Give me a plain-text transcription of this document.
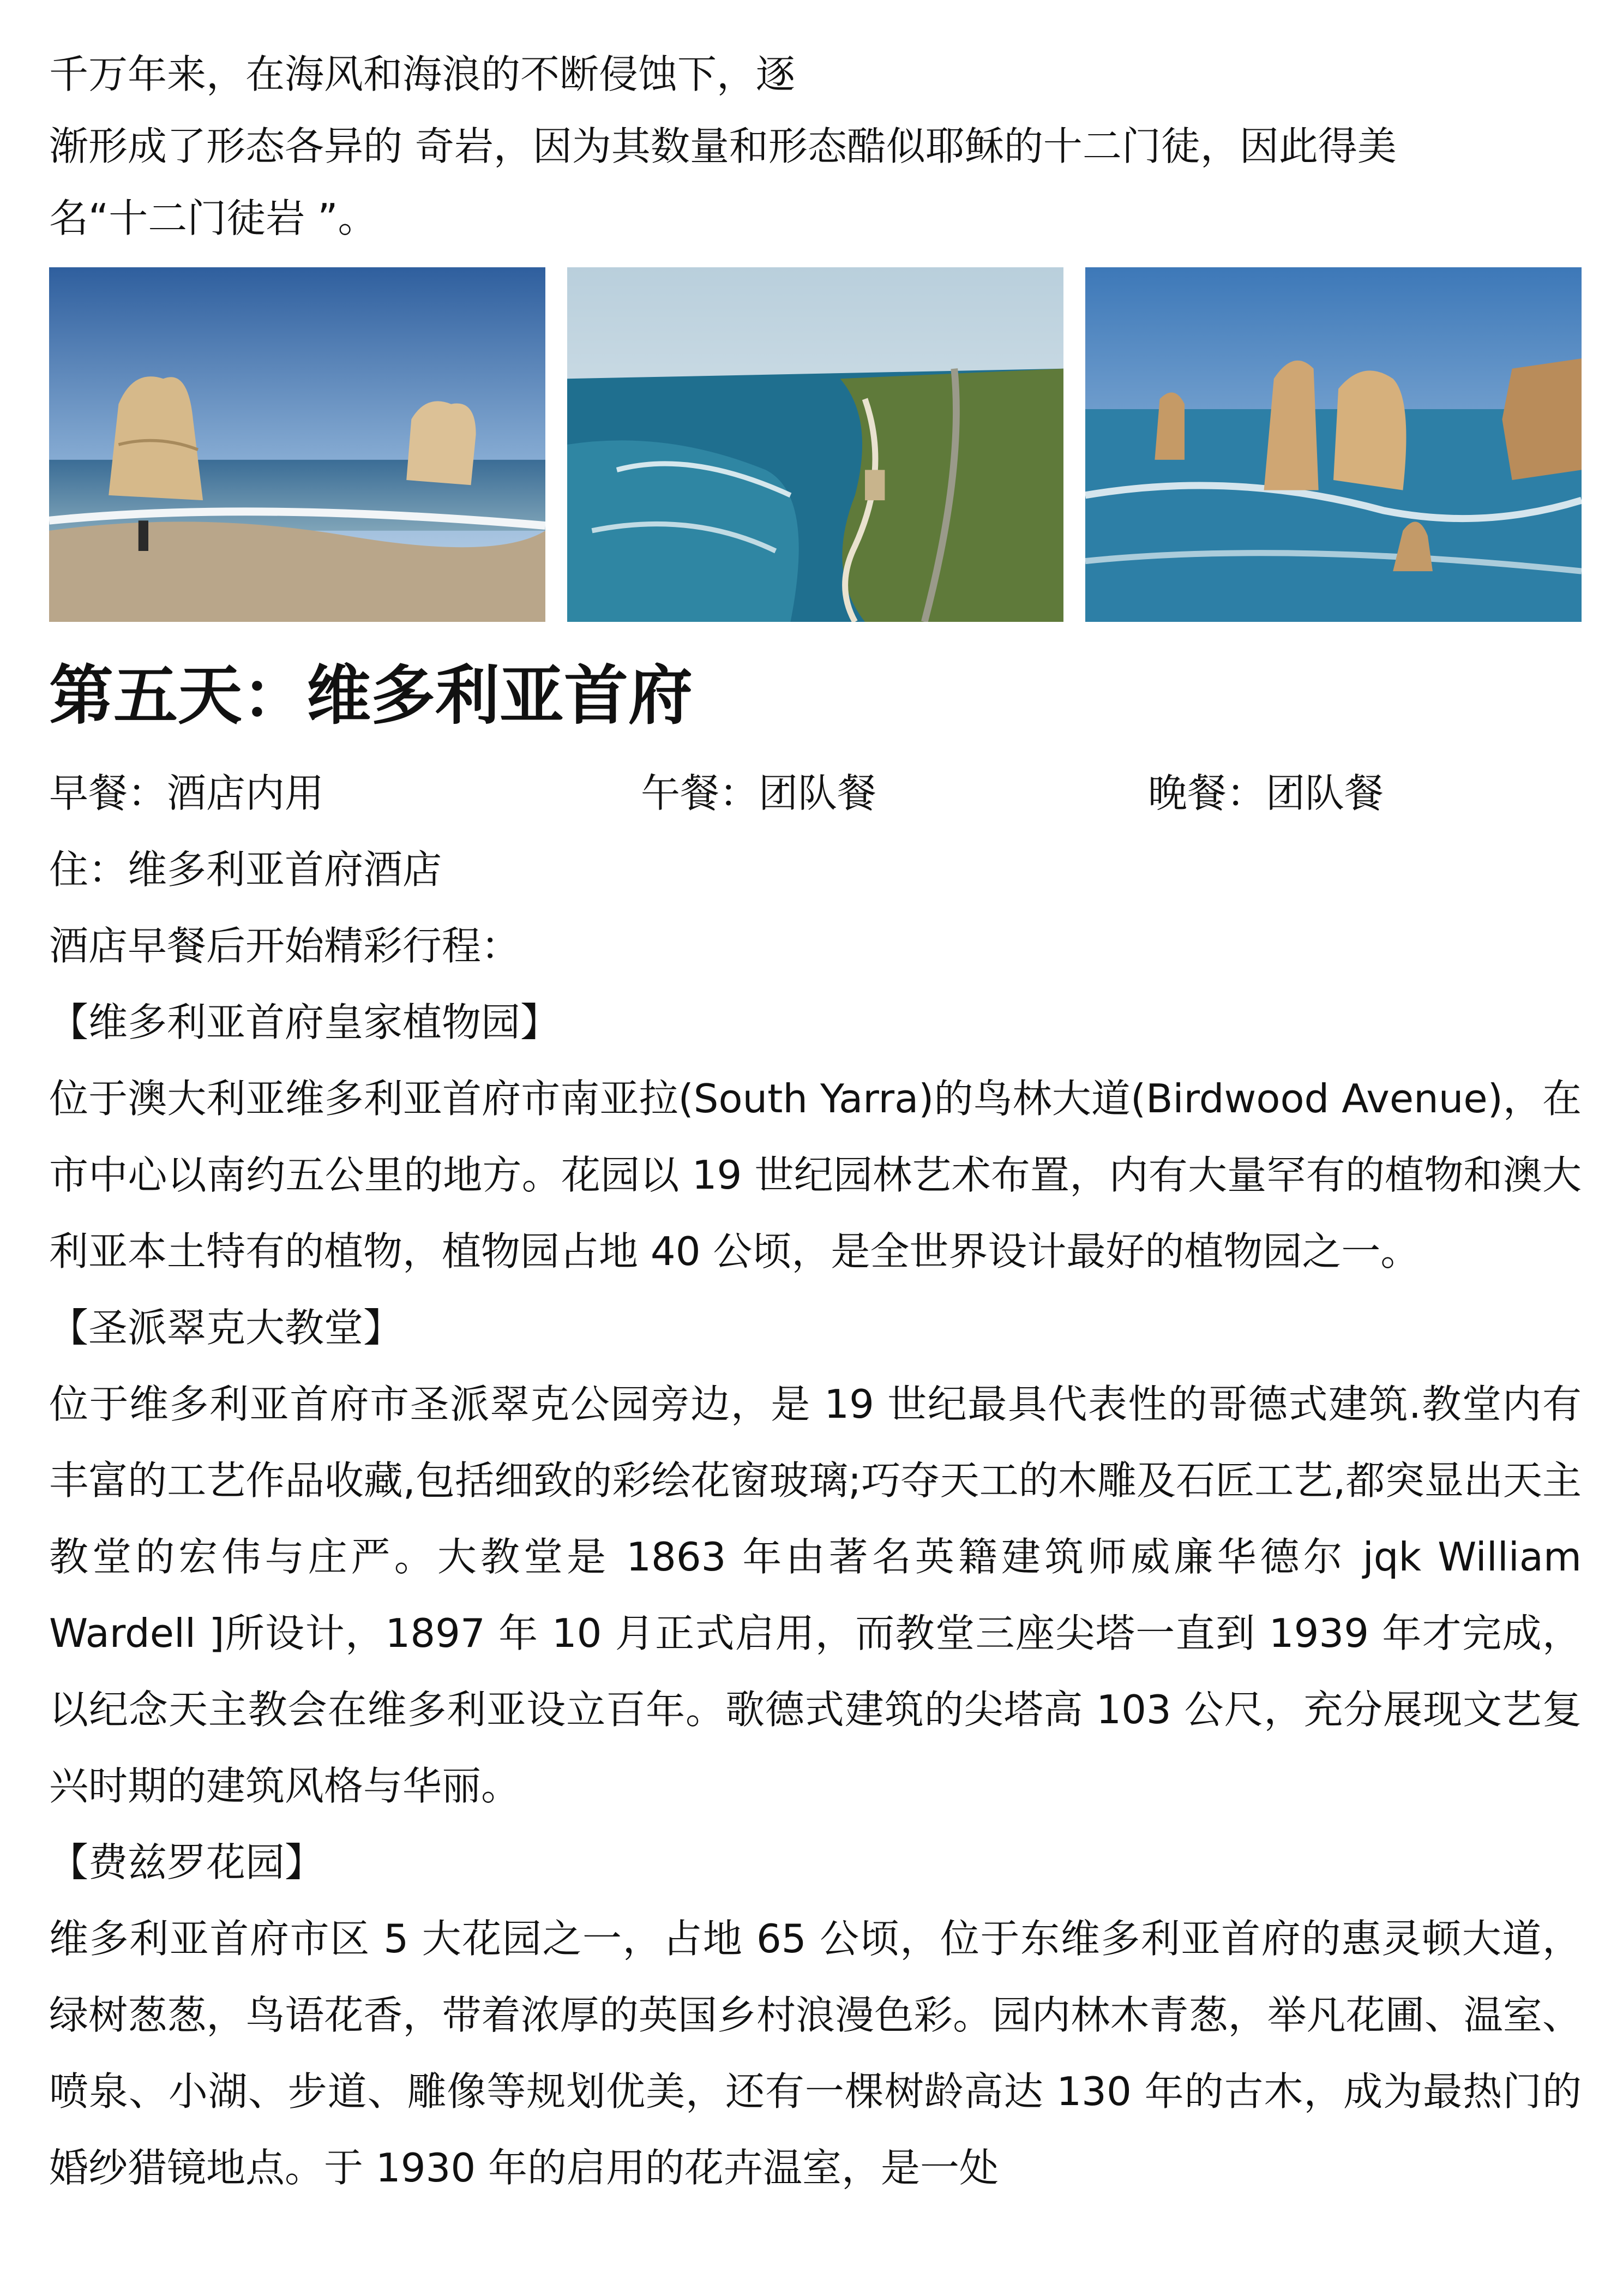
千万年来，在海风和海浪的不断侵蚀下，逐
渐形成了形态各异的 奇岩，因为其数量和形态酷似耶稣的十二门徒，因此得美
名“十二门徒岩 ”。
第五天：维多利亚首府
早餐：酒店内用	午餐：团队餐	晚餐：团队餐
住：维多利亚首府酒店
酒店早餐后开始精彩行程：
【维多利亚首府皇家植物园】

位于澳大利亚维多利亚首府市南亚拉(South Yarra)的鸟林大道(Birdwood Avenue)，在市中心以南约五公里的地方。花园以 19 世纪园林艺术布置，内有大量罕有的植物和澳大利亚本土特有的植物，植物园占地 40 公顷，是全世界设计最好的植物园之一。

【圣派翠克大教堂】

位于维多利亚首府市圣派翠克公园旁边，是 19 世纪最具代表性的哥德式建筑.教堂内有丰富的工艺作品收藏,包括细致的彩绘花窗玻璃;巧夺天工的木雕及石匠工艺,都突显出天主教堂的宏伟与庄严。大教堂是 1863 年由著名英籍建筑师威廉华德尔 jqk William Wardell ]所设计，1897 年 10 月正式启用，而教堂三座尖塔一直到 1939 年才完成，以纪念天主教会在维多利亚设立百年。歌德式建筑的尖塔高 103 公尺，充分展现文艺复兴时期的建筑风格与华丽。

【费兹罗花园】

维多利亚首府市区 5 大花园之一，占地 65 公顷，位于东维多利亚首府的惠灵顿大道，绿树葱葱，鸟语花香，带着浓厚的英国乡村浪漫色彩。园内林木青葱，举凡花圃、温室、喷泉、小湖、步道、雕像等规划优美，还有一棵树龄高达 130 年的古木，成为最热门的婚纱猎镜地点。于 1930 年的启用的花卉温室，是一处
